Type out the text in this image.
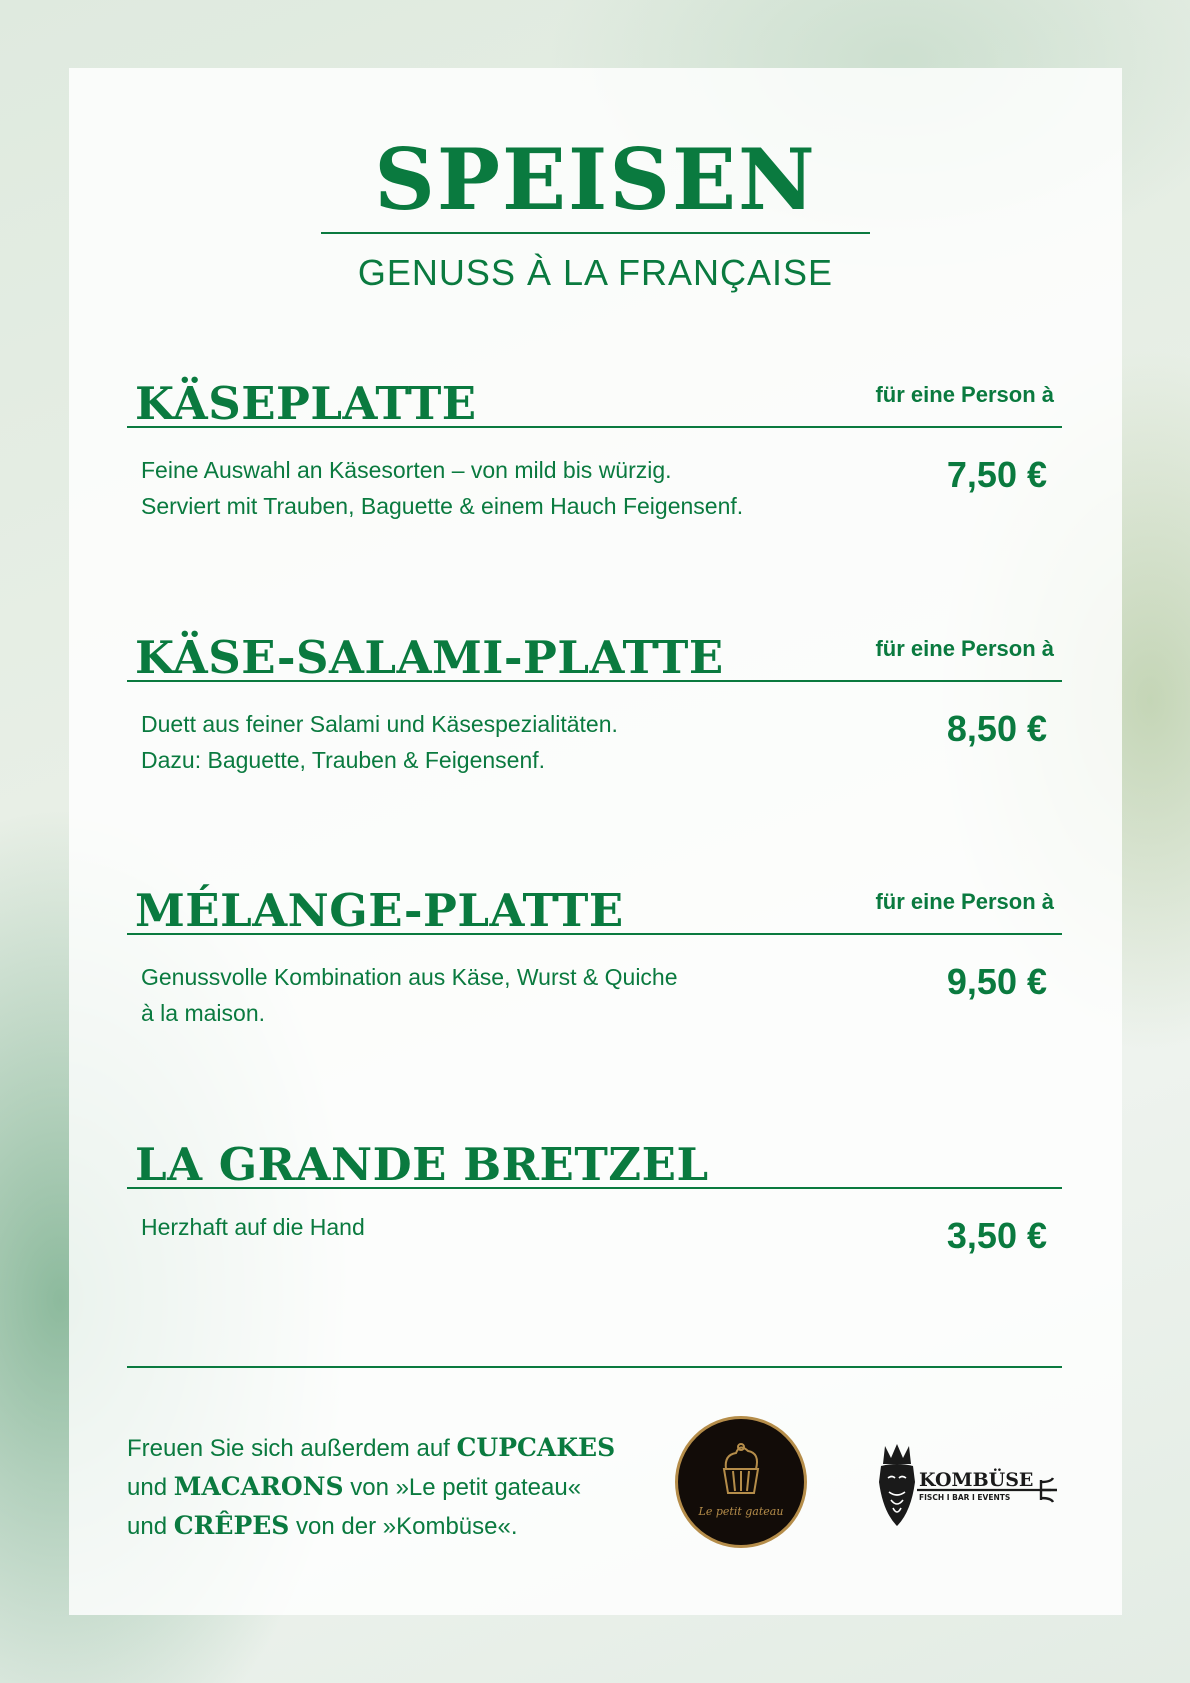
SPEISEN
GENUSS À LA FRANÇAISE
KÄSEPLATTE	für eine Person à
Feine Auswahl an Käsesorten – von mild bis würzig.
Serviert mit Trauben, Baguette & einem Hauch Feigensenf.
7,50 €
KÄSE-SALAMI-PLATTE	für eine Person à
Duett aus feiner Salami und Käsespezialitäten.
Dazu: Baguette, Trauben & Feigensenf.
8,50 €
MÉLANGE-PLATTE	für eine Person à
Genussvolle Kombination aus Käse, Wurst & Quiche
à la maison.
9,50 €
LA GRANDE BRETZEL
Herzhaft auf die Hand	3,50 €
Freuen Sie sich außerdem auf CUPCAKES
und MACARONS von »Le petit gateau«
und CRÊPES von der »Kombüse«.
Le petit gateau
KOMBÜSE
FISCH I BAR I EVENTS
